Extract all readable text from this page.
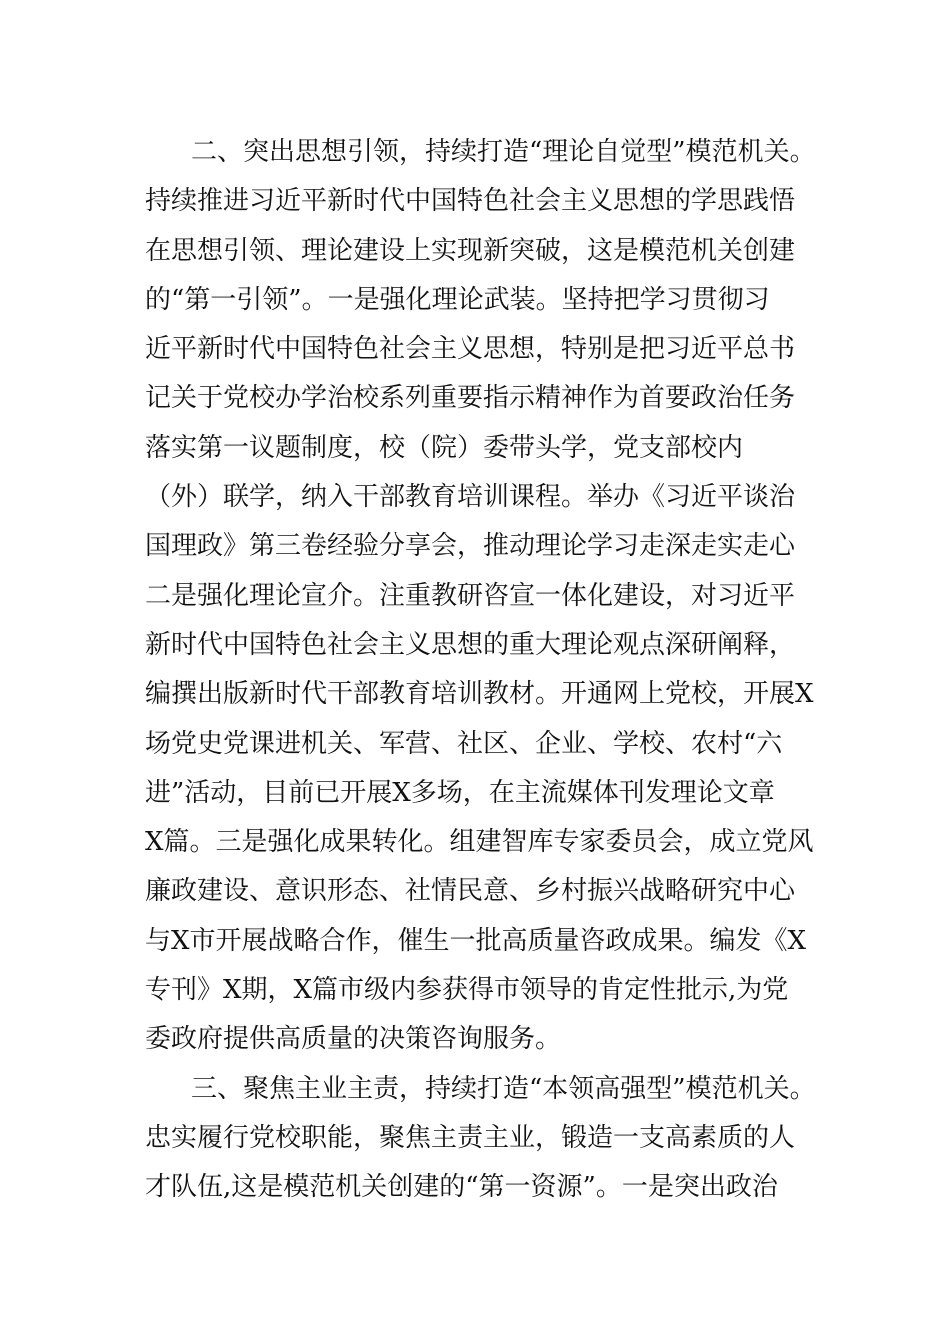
二、突出思想引领，持续打造“理论自觉型”模范机关。
持续推进习近平新时代中国特色社会主义思想的学思践悟
在思想引领、理论建设上实现新突破，这是模范机关创建
的“第一引领”。一是强化理论武装。坚持把学习贯彻习
近平新时代中国特色社会主义思想，特别是把习近平总书
记关于党校办学治校系列重要指示精神作为首要政治任务
落实第一议题制度，校（院）委带头学，党支部校内
（外）联学，纳入干部教育培训课程。举办《习近平谈治
国理政》第三卷经验分享会，推动理论学习走深走实走心
二是强化理论宣介。注重教研咨宣一体化建设，对习近平
新时代中国特色社会主义思想的重大理论观点深研阐释，
编撰出版新时代干部教育培训教材。开通网上党校，开展X
场党史党课进机关、军营、社区、企业、学校、农村“六
进”活动，目前已开展X多场，在主流媒体刊发理论文章
X篇。三是强化成果转化。组建智库专家委员会，成立党风
廉政建设、意识形态、社情民意、乡村振兴战略研究中心
与X市开展战略合作，催生一批高质量咨政成果。编发《X
专刊》X期，X篇市级内参获得市领导的肯定性批示,为党
委政府提供高质量的决策咨询服务。
三、聚焦主业主责，持续打造“本领高强型”模范机关。
忠实履行党校职能，聚焦主责主业，锻造一支高素质的人
才队伍,这是模范机关创建的“第一资源”。一是突出政治
